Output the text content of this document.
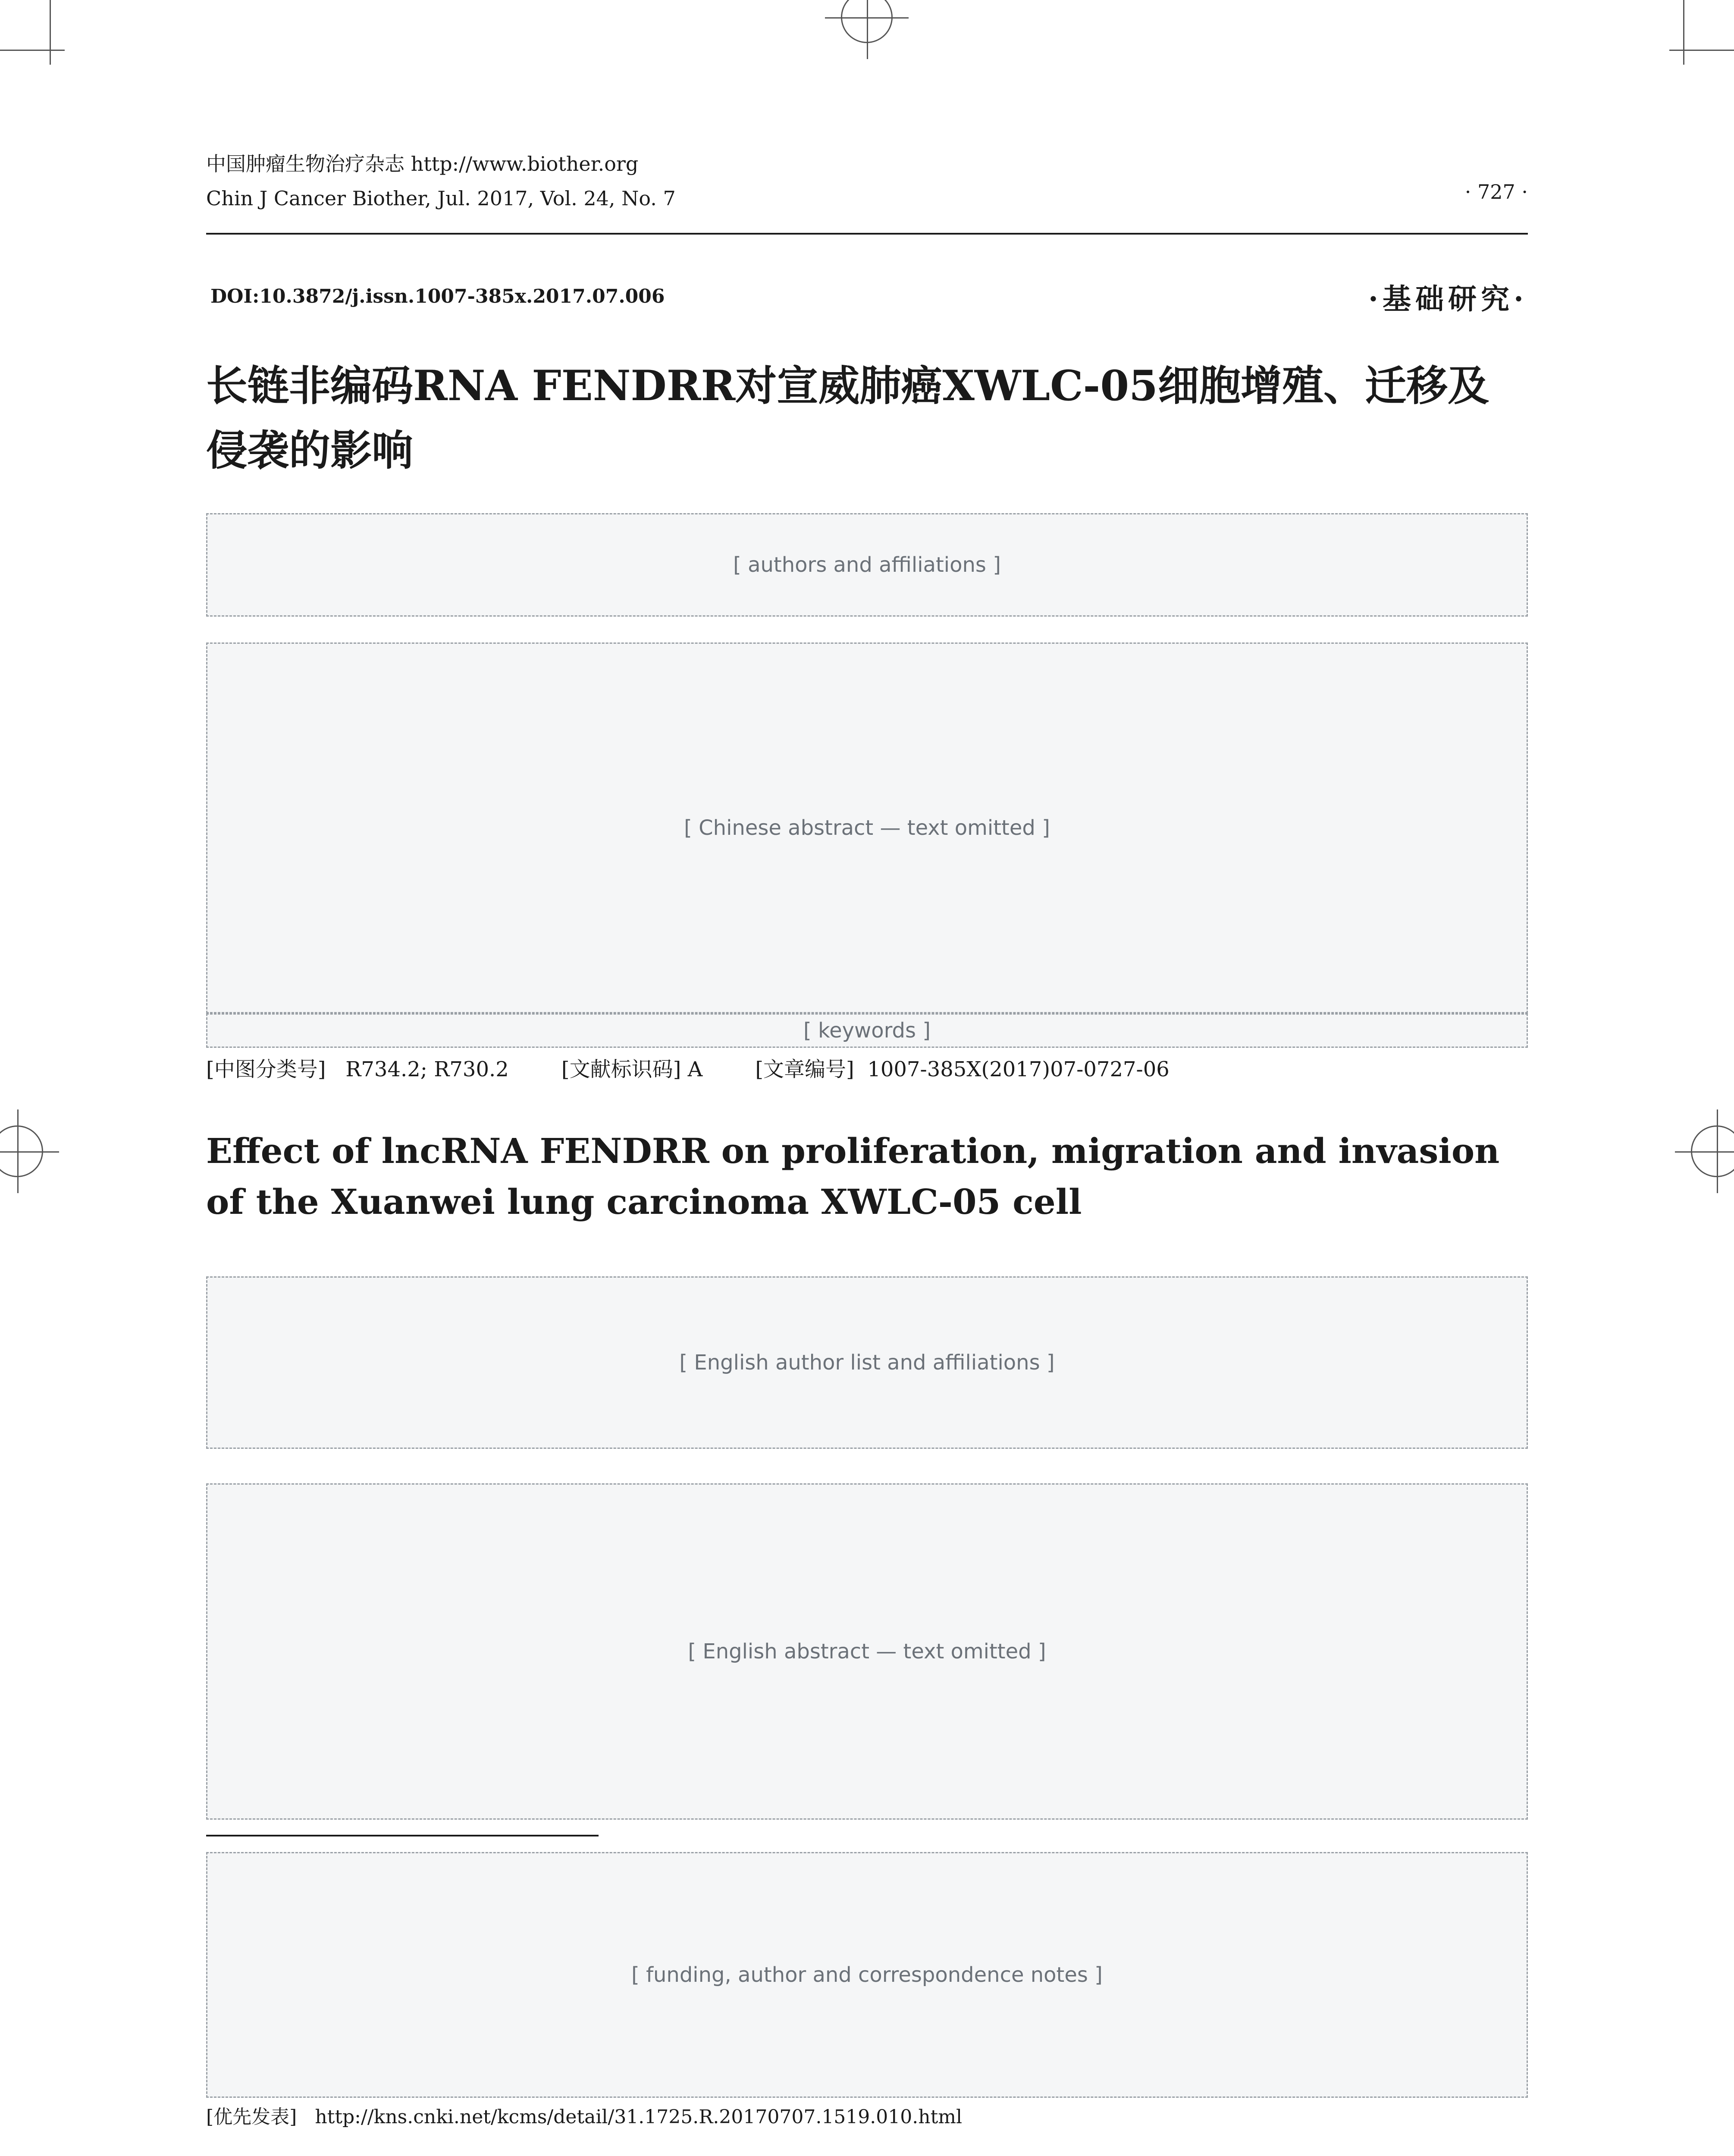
中国肿瘤生物治疗杂志 http://www.biother.org
Chin J Cancer Biother, Jul. 2017, Vol. 24, No. 7	· 727 ·
DOI:10.3872/j.issn.1007-385x.2017.07.006	·基础研究·
长链非编码RNA FENDRR对宣威肺癌XWLC-05细胞增殖、迁移及侵袭的影响
[ authors and affiliations ]
[ Chinese abstract — text omitted ]
[ keywords ]
[中图分类号] R734.2; R730.2	[文献标识码] A	[文章编号] 1007-385X(2017)07-0727-06
Effect of lncRNA FENDRR on proliferation, migration and invasion of the Xuanwei lung carcinoma XWLC-05 cell
[ English author list and affiliations ]
[ English abstract — text omitted ]
[ funding, author and correspondence notes ]
[优先发表] http://kns.cnki.net/kcms/detail/31.1725.R.20170707.1519.010.html
